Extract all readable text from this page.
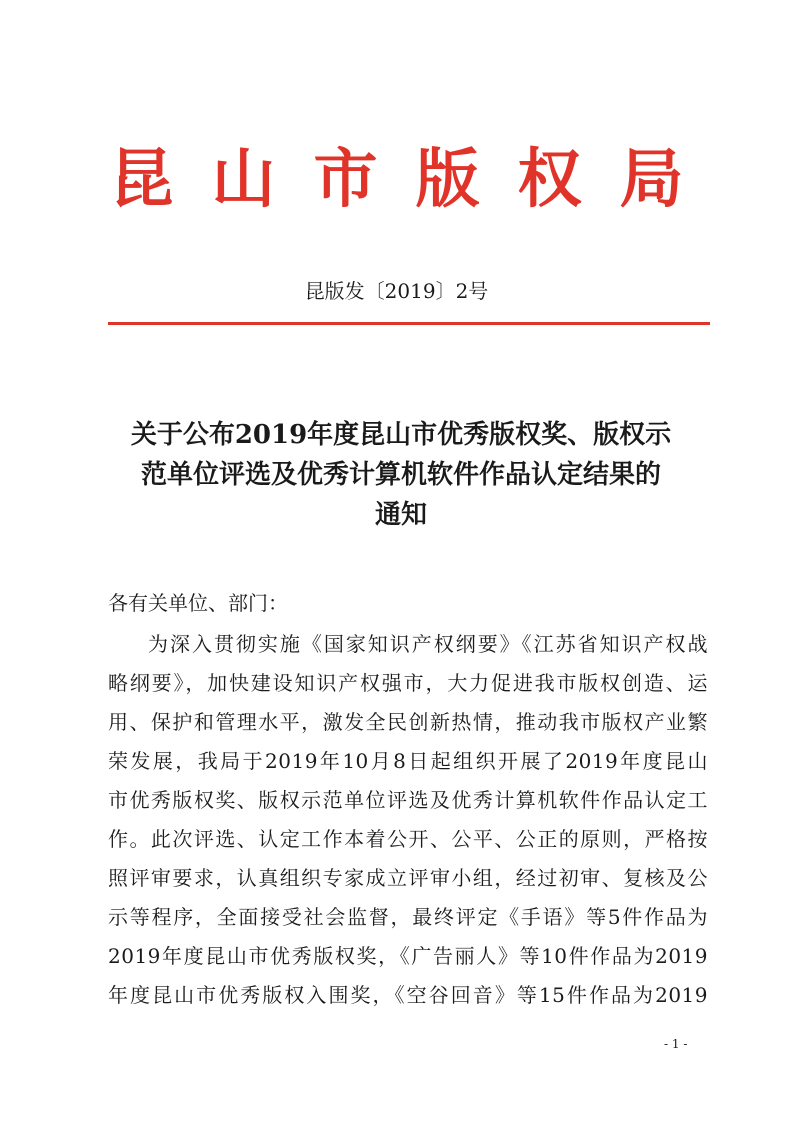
昆山市版权局
昆版发〔2019〕2号
关于公布2019年度昆山市优秀版权奖、版权示
范单位评选及优秀计算机软件作品认定结果的
通知
各有关单位、部门：
为深入贯彻实施《国家知识产权纲要》《江苏省知识产权战
略纲要》，加快建设知识产权强市，大力促进我市版权创造、运
用、保护和管理水平，激发全民创新热情，推动我市版权产业繁
荣发展，我局于2019年10月8日起组织开展了2019年度昆山
市优秀版权奖、版权示范单位评选及优秀计算机软件作品认定工
作。此次评选、认定工作本着公开、公平、公正的原则，严格按
照评审要求，认真组织专家成立评审小组，经过初审、复核及公
示等程序，全面接受社会监督，最终评定《手语》等5件作品为
2019年度昆山市优秀版权奖，《广告丽人》等10件作品为2019
年度昆山市优秀版权入围奖，《空谷回音》等15件作品为2019
- 1 -
